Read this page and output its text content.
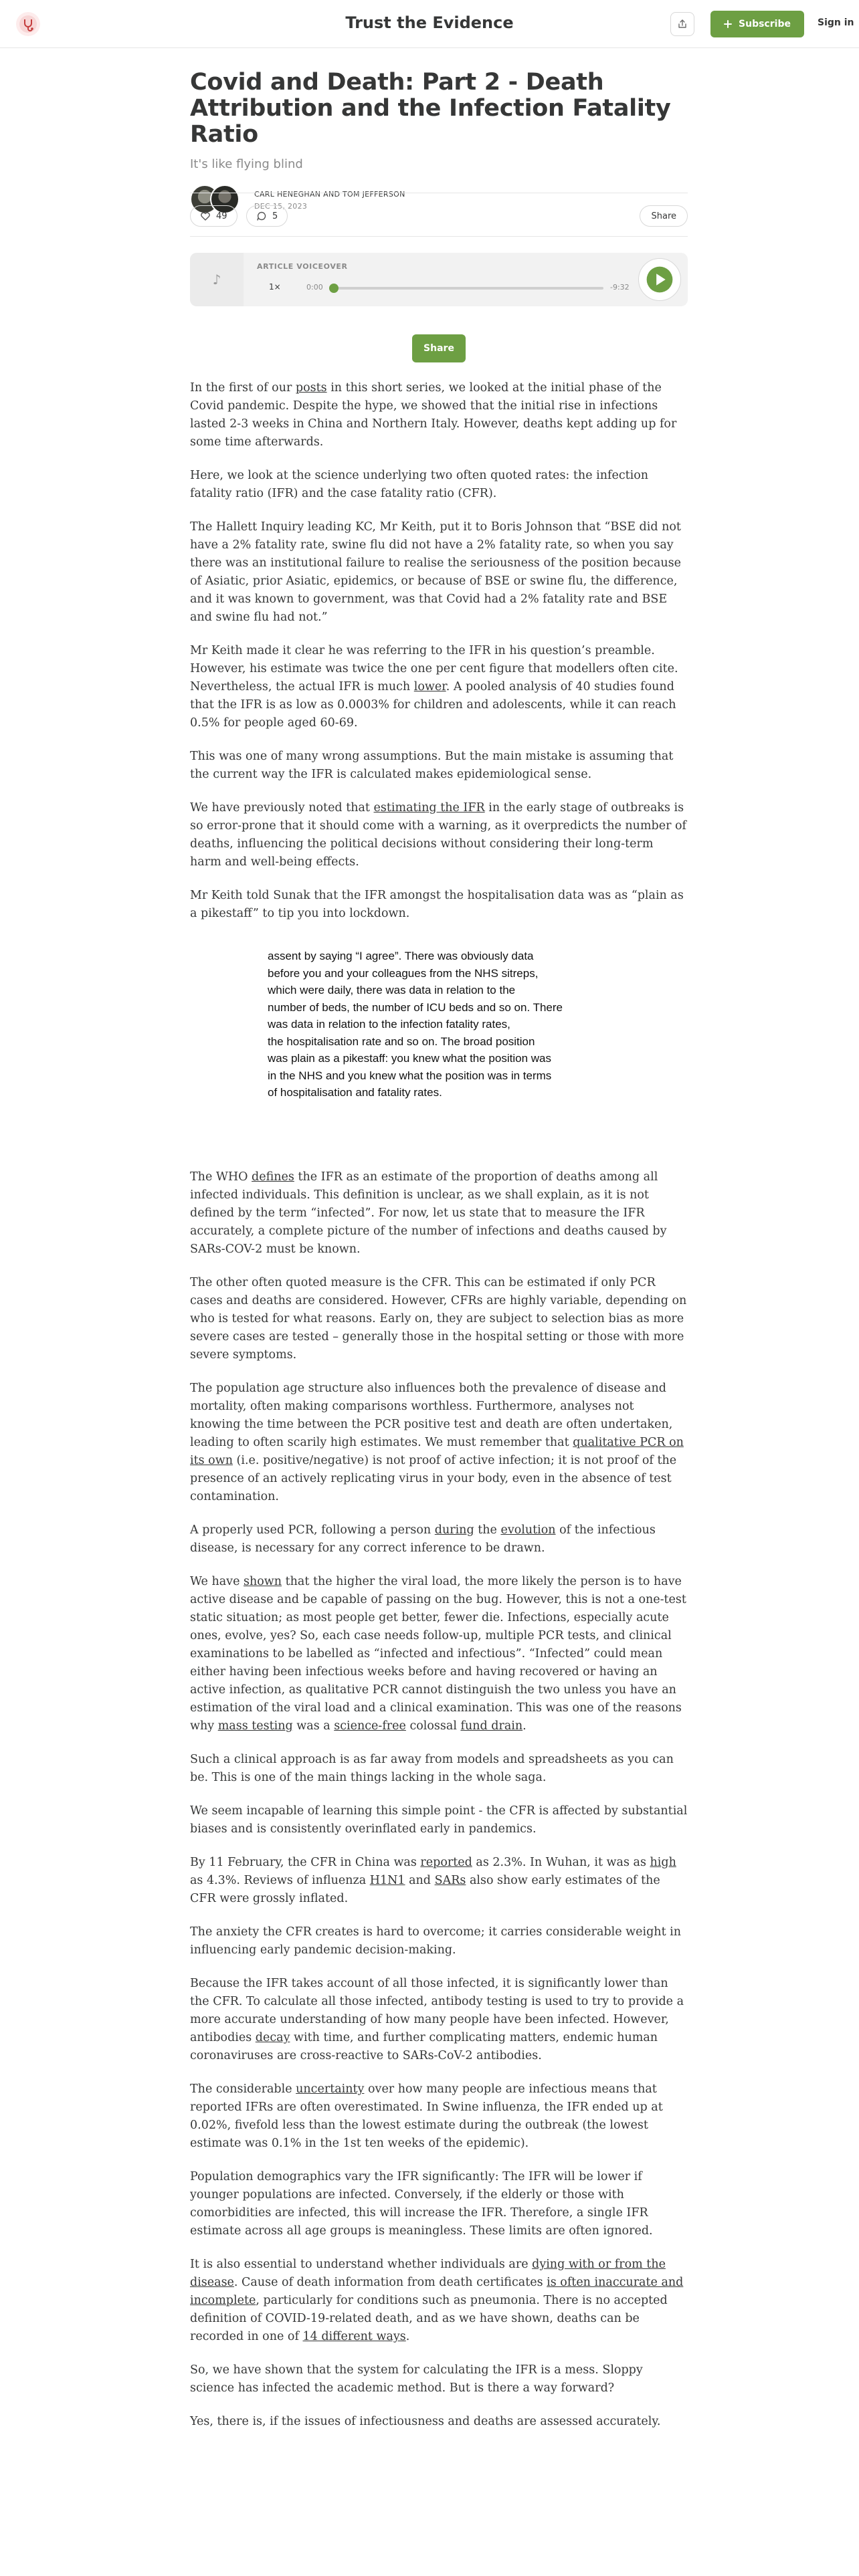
Trust the Evidence	Subscribe	Sign in
Covid and Death: Part 2 - Death Attribution and the Infection Fatality Ratio
It's like flying blind
CARL HENEGHAN AND TOM JEFFERSON
DEC 15, 2023
49	5	Share
♪
ARTICLE VOICEOVER
1×	0:00	-9:32
Share

In the first of our posts in this short series, we looked at the initial phase of the Covid pandemic. Despite the hype, we showed that the initial rise in infections lasted 2-3 weeks in China and Northern Italy. However, deaths kept adding up for some time afterwards.

Here, we look at the science underlying two often quoted rates: the infection fatality ratio (IFR) and the case fatality ratio (CFR).

The Hallett Inquiry leading KC, Mr Keith, put it to Boris Johnson that “BSE did not have a 2% fatality rate, swine flu did not have a 2% fatality rate, so when you say there was an institutional failure to realise the seriousness of the position because of Asiatic, prior Asiatic, epidemics, or because of BSE or swine flu, the difference, and it was known to government, was that Covid had a 2% fatality rate and BSE and swine flu had not.”

Mr Keith made it clear he was referring to the IFR in his question’s preamble. However, his estimate was twice the one per cent figure that modellers often cite. Nevertheless, the actual IFR is much lower. A pooled analysis of 40 studies found that the IFR is as low as 0.0003% for children and adolescents, while it can reach 0.5% for people aged 60-69.

This was one of many wrong assumptions. But the main mistake is assuming that the current way the IFR is calculated makes epidemiological sense.

We have previously noted that estimating the IFR in the early stage of outbreaks is so error-prone that it should come with a warning, as it overpredicts the number of deaths, influencing the political decisions without considering their long-term harm and well-being effects.

Mr Keith told Sunak that the IFR amongst the hospitalisation data was as “plain as a pikestaff” to tip you into lockdown.

assent by saying “I agree”. There was obviously data
before you and your colleagues from the NHS sitreps,
which were daily, there was data in relation to the
number of beds, the number of ICU beds and so on. There
was data in relation to the infection fatality rates,
the hospitalisation rate and so on. The broad position
was plain as a pikestaff: you knew what the position was
in the NHS and you knew what the position was in terms
of hospitalisation and fatality rates.

The WHO defines the IFR as an estimate of the proportion of deaths among all infected individuals. This definition is unclear, as we shall explain, as it is not defined by the term “infected”. For now, let us state that to measure the IFR accurately, a complete picture of the number of infections and deaths caused by SARs-COV-2 must be known.

The other often quoted measure is the CFR. This can be estimated if only PCR cases and deaths are considered. However, CFRs are highly variable, depending on who is tested for what reasons. Early on, they are subject to selection bias as more severe cases are tested – generally those in the hospital setting or those with more severe symptoms.

The population age structure also influences both the prevalence of disease and mortality, often making comparisons worthless. Furthermore, analyses not knowing the time between the PCR positive test and death are often undertaken, leading to often scarily high estimates. We must remember that qualitative PCR on its own (i.e. positive/negative) is not proof of active infection; it is not proof of the presence of an actively replicating virus in your body, even in the absence of test contamination.

A properly used PCR, following a person during the evolution of the infectious disease, is necessary for any correct inference to be drawn.

We have shown that the higher the viral load, the more likely the person is to have active disease and be capable of passing on the bug. However, this is not a one-test static situation; as most people get better, fewer die. Infections, especially acute ones, evolve, yes? So, each case needs follow-up, multiple PCR tests, and clinical examinations to be labelled as “infected and infectious”. “Infected” could mean either having been infectious weeks before and having recovered or having an active infection, as qualitative PCR cannot distinguish the two unless you have an estimation of the viral load and a clinical examination. This was one of the reasons why mass testing was a science-free colossal fund drain.

Such a clinical approach is as far away from models and spreadsheets as you can be. This is one of the main things lacking in the whole saga.

We seem incapable of learning this simple point - the CFR is affected by substantial biases and is consistently overinflated early in pandemics.

By 11 February, the CFR in China was reported as 2.3%. In Wuhan, it was as high as 4.3%. Reviews of influenza H1N1 and SARs also show early estimates of the CFR were grossly inflated.

The anxiety the CFR creates is hard to overcome; it carries considerable weight in influencing early pandemic decision-making.

Because the IFR takes account of all those infected, it is significantly lower than the CFR. To calculate all those infected, antibody testing is used to try to provide a more accurate understanding of how many people have been infected. However, antibodies decay with time, and further complicating matters, endemic human coronaviruses are cross-reactive to SARs-CoV-2 antibodies.

The considerable uncertainty over how many people are infectious means that reported IFRs are often overestimated. In Swine influenza, the IFR ended up at 0.02%, fivefold less than the lowest estimate during the outbreak (the lowest estimate was 0.1% in the 1st ten weeks of the epidemic).

Population demographics vary the IFR significantly: The IFR will be lower if younger populations are infected. Conversely, if the elderly or those with comorbidities are infected, this will increase the IFR. Therefore, a single IFR estimate across all age groups is meaningless. These limits are often ignored.

It is also essential to understand whether individuals are dying with or from the disease. Cause of death information from death certificates is often inaccurate and incomplete, particularly for conditions such as pneumonia. There is no accepted definition of COVID-19-related death, and as we have shown, deaths can be recorded in one of 14 different ways.

So, we have shown that the system for calculating the IFR is a mess. Sloppy science has infected the academic method. But is there a way forward?

Yes, there is, if the issues of infectiousness and deaths are assessed accurately.
